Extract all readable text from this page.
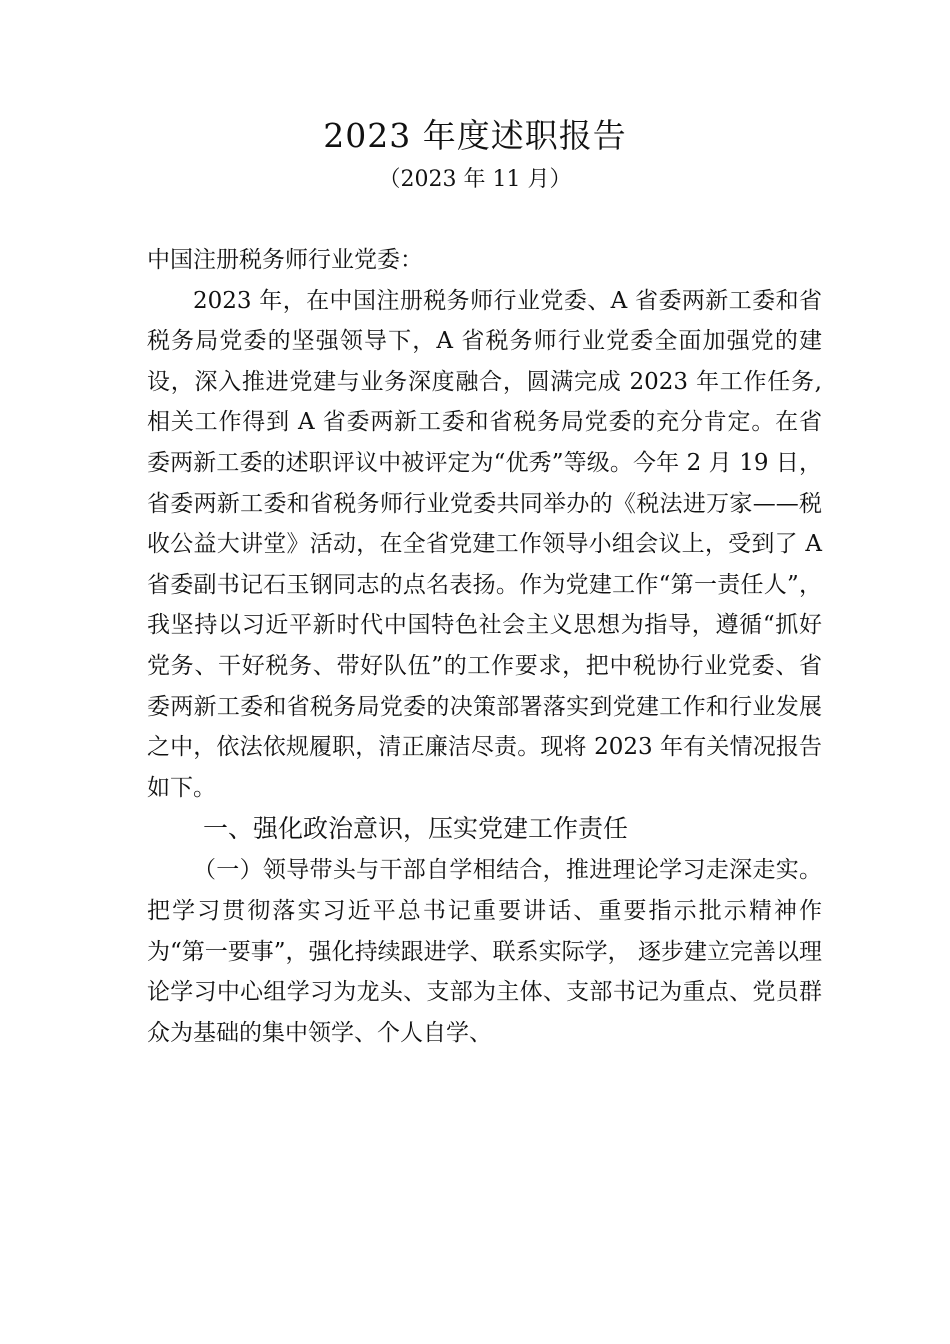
2023 年度述职报告
（2023 年 11 月）

中国注册税务师行业党委：

2023 年，在中国注册税务师行业党委、A 省委两新工委和省税务局党委的坚强领导下，A 省税务师行业党委全面加强党的建设，深入推进党建与业务深度融合，圆满完成 2023 年工作任务,相关工作得到 A 省委两新工委和省税务局党委的充分肯定。在省委两新工委的述职评议中被评定为“优秀”等级。今年 2 月 19 日，省委两新工委和省税务师行业党委共同举办的《税法进万家——税收公益大讲堂》活动，在全省党建工作领导小组会议上，受到了 A 省委副书记石玉钢同志的点名表扬。作为党建工作“第一责任人”，我坚持以习近平新时代中国特色社会主义思想为指导，遵循“抓好党务、干好税务、带好队伍”的工作要求，把中税协行业党委、省委两新工委和省税务局党委的决策部署落实到党建工作和行业发展之中，依法依规履职，清正廉洁尽责。现将 2023 年有关情况报告如下。

一、强化政治意识，压实党建工作责任

（一）领导带头与干部自学相结合，推进理论学习走深走实。把学习贯彻落实习近平总书记重要讲话、重要指示批示精神作为“第一要事”，强化持续跟进学、联系实际学， 逐步建立完善以理论学习中心组学习为龙头、支部为主体、支部书记为重点、党员群众为基础的集中领学、个人自学、
